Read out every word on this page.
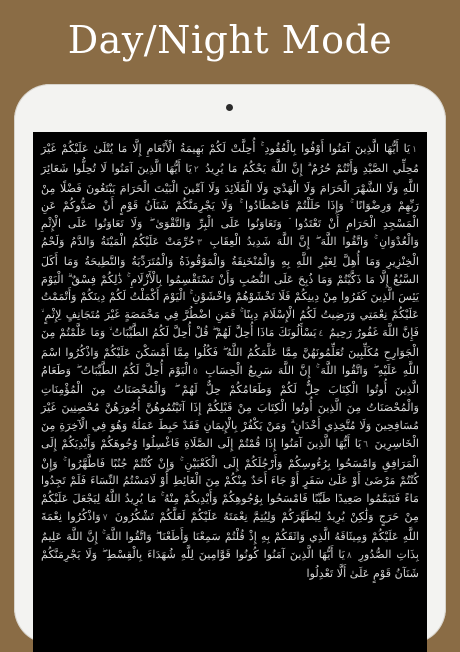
Day/Night Mode
١يَا أَيُّهَا الَّذِينَ آمَنُوا أَوْفُوا بِالْعُقُودِ ۚ أُحِلَّتْ لَكُمْ بَهِيمَةُ الْأَنْعَامِ إِلَّا مَا يُتْلَىٰ عَلَيْكُمْ غَيْرَ مُحِلِّي الصَّيْدِ وَأَنْتُمْ حُرُمٌ ۗ إِنَّ اللَّهَ يَحْكُمُ مَا يُرِيدُ ٢يَا أَيُّهَا الَّذِينَ آمَنُوا لَا تُحِلُّوا شَعَائِرَ اللَّهِ وَلَا الشَّهْرَ الْحَرَامَ وَلَا الْهَدْيَ وَلَا الْقَلَائِدَ وَلَا آمِّينَ الْبَيْتَ الْحَرَامَ يَبْتَغُونَ فَضْلًا مِنْ رَبِّهِمْ وَرِضْوَانًا ۚ وَإِذَا حَلَلْتُمْ فَاصْطَادُوا ۚ وَلَا يَجْرِمَنَّكُمْ شَنَآنُ قَوْمٍ أَنْ صَدُّوكُمْ عَنِ الْمَسْجِدِ الْحَرَامِ أَنْ تَعْتَدُوا ۘ وَتَعَاوَنُوا عَلَى الْبِرِّ وَالتَّقْوَىٰ ۖ وَلَا تَعَاوَنُوا عَلَى الْإِثْمِ وَالْعُدْوَانِ ۚ وَاتَّقُوا اللَّهَ ۖ إِنَّ اللَّهَ شَدِيدُ الْعِقَابِ ٣حُرِّمَتْ عَلَيْكُمُ الْمَيْتَةُ وَالدَّمُ وَلَحْمُ الْخِنْزِيرِ وَمَا أُهِلَّ لِغَيْرِ اللَّهِ بِهِ وَالْمُنْخَنِقَةُ وَالْمَوْقُوذَةُ وَالْمُتَرَدِّيَةُ وَالنَّطِيحَةُ وَمَا أَكَلَ السَّبُعُ إِلَّا مَا ذَكَّيْتُمْ وَمَا ذُبِحَ عَلَى النُّصُبِ وَأَنْ تَسْتَقْسِمُوا بِالْأَزْلَامِ ۚ ذَٰلِكُمْ فِسْقٌ ۗ الْيَوْمَ يَئِسَ الَّذِينَ كَفَرُوا مِنْ دِينِكُمْ فَلَا تَخْشَوْهُمْ وَاخْشَوْنِ ۚ الْيَوْمَ أَكْمَلْتُ لَكُمْ دِينَكُمْ وَأَتْمَمْتُ عَلَيْكُمْ نِعْمَتِي وَرَضِيتُ لَكُمُ الْإِسْلَامَ دِينًا ۚ فَمَنِ اضْطُرَّ فِي مَخْمَصَةٍ غَيْرَ مُتَجَانِفٍ لِإِثْمٍ ۙ فَإِنَّ اللَّهَ غَفُورٌ رَحِيمٌ ٤يَسْأَلُونَكَ مَاذَا أُحِلَّ لَهُمْ ۖ قُلْ أُحِلَّ لَكُمُ الطَّيِّبَاتُ ۙ وَمَا عَلَّمْتُمْ مِنَ الْجَوَارِحِ مُكَلِّبِينَ تُعَلِّمُونَهُنَّ مِمَّا عَلَّمَكُمُ اللَّهُ ۖ فَكُلُوا مِمَّا أَمْسَكْنَ عَلَيْكُمْ وَاذْكُرُوا اسْمَ اللَّهِ عَلَيْهِ ۖ وَاتَّقُوا اللَّهَ ۚ إِنَّ اللَّهَ سَرِيعُ الْحِسَابِ ٥الْيَوْمَ أُحِلَّ لَكُمُ الطَّيِّبَاتُ ۖ وَطَعَامُ الَّذِينَ أُوتُوا الْكِتَابَ حِلٌّ لَكُمْ وَطَعَامُكُمْ حِلٌّ لَهُمْ ۖ وَالْمُحْصَنَاتُ مِنَ الْمُؤْمِنَاتِ وَالْمُحْصَنَاتُ مِنَ الَّذِينَ أُوتُوا الْكِتَابَ مِنْ قَبْلِكُمْ إِذَا آتَيْتُمُوهُنَّ أُجُورَهُنَّ مُحْصِنِينَ غَيْرَ مُسَافِحِينَ وَلَا مُتَّخِذِي أَخْدَانٍ ۗ وَمَنْ يَكْفُرْ بِالْإِيمَانِ فَقَدْ حَبِطَ عَمَلُهُ وَهُوَ فِي الْآخِرَةِ مِنَ الْخَاسِرِينَ ٦يَا أَيُّهَا الَّذِينَ آمَنُوا إِذَا قُمْتُمْ إِلَى الصَّلَاةِ فَاغْسِلُوا وُجُوهَكُمْ وَأَيْدِيَكُمْ إِلَى الْمَرَافِقِ وَامْسَحُوا بِرُءُوسِكُمْ وَأَرْجُلَكُمْ إِلَى الْكَعْبَيْنِ ۚ وَإِنْ كُنْتُمْ جُنُبًا فَاطَّهَّرُوا ۚ وَإِنْ كُنْتُمْ مَرْضَىٰ أَوْ عَلَىٰ سَفَرٍ أَوْ جَاءَ أَحَدٌ مِنْكُمْ مِنَ الْغَائِطِ أَوْ لَامَسْتُمُ النِّسَاءَ فَلَمْ تَجِدُوا مَاءً فَتَيَمَّمُوا صَعِيدًا طَيِّبًا فَامْسَحُوا بِوُجُوهِكُمْ وَأَيْدِيكُمْ مِنْهُ ۚ مَا يُرِيدُ اللَّهُ لِيَجْعَلَ عَلَيْكُمْ مِنْ حَرَجٍ وَلَٰكِنْ يُرِيدُ لِيُطَهِّرَكُمْ وَلِيُتِمَّ نِعْمَتَهُ عَلَيْكُمْ لَعَلَّكُمْ تَشْكُرُونَ ٧وَاذْكُرُوا نِعْمَةَ اللَّهِ عَلَيْكُمْ وَمِيثَاقَهُ الَّذِي وَاثَقَكُمْ بِهِ إِذْ قُلْتُمْ سَمِعْنَا وَأَطَعْنَا ۖ وَاتَّقُوا اللَّهَ ۚ إِنَّ اللَّهَ عَلِيمٌ بِذَاتِ الصُّدُورِ ٨يَا أَيُّهَا الَّذِينَ آمَنُوا كُونُوا قَوَّامِينَ لِلَّهِ شُهَدَاءَ بِالْقِسْطِ ۖ وَلَا يَجْرِمَنَّكُمْ شَنَآنُ قَوْمٍ عَلَىٰ أَلَّا تَعْدِلُوا
